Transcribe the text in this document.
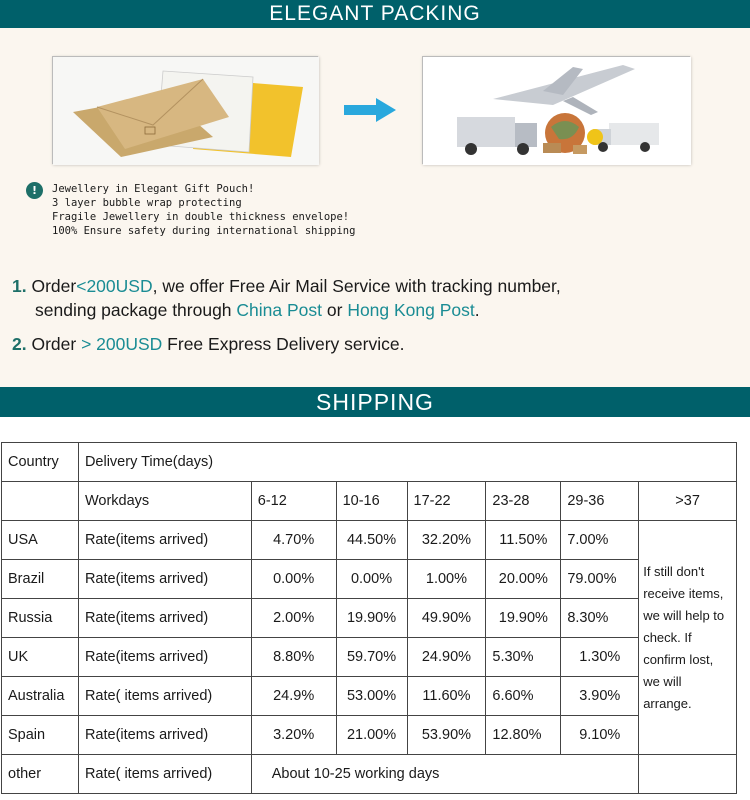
ELEGANT PACKING
!	Jewellery in Elegant Gift Pouch!
3 layer bubble wrap protecting
Fragile Jewellery in double thickness envelope!
100% Ensure safety during international shipping
1. Order<200USD, we offer Free Air Mail Service with tracking number,
sending package through China Post or Hong Kong Post.
2. Order > 200USD Free Express Delivery service.
SHIPPING
Country	Delivery Time(days)						
	Workdays	6-12	10-16	17-22	23-28	29-36	>37
USA	Rate(items arrived)	4.70%	44.50%	32.20%	11.50%	7.00%	If still don't receive items, we will help to check. If confirm lost, we will arrange.
Brazil	Rate(items arrived)	0.00%	0.00%	1.00%	20.00%	79.00%	
Russia	Rate(items arrived)	2.00%	19.90%	49.90%	19.90%	8.30%	
UK	Rate(items arrived)	8.80%	59.70%	24.90%	5.30%	1.30%	
Australia	Rate( items arrived)	24.9%	53.00%	11.60%	6.60%	3.90%	
Spain	Rate(items arrived)	3.20%	21.00%	53.90%	12.80%	9.10%	
other	Rate( items arrived)	About 10-25 working days					
